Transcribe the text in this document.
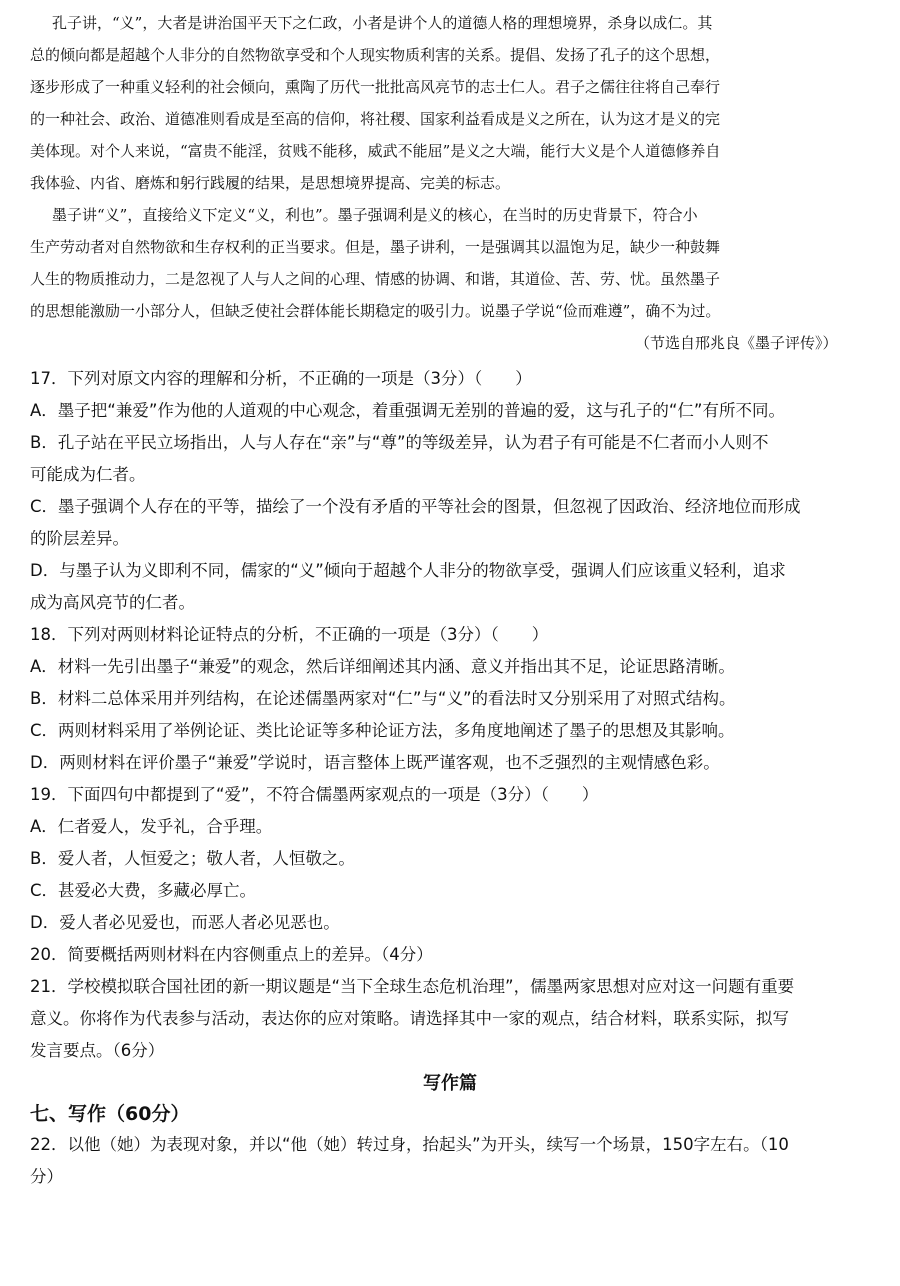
孔子讲，“义”，大者是讲治国平天下之仁政，小者是讲个人的道德人格的理想境界，杀身以成仁。其
总的倾向都是超越个人非分的自然物欲享受和个人现实物质利害的关系。提倡、发扬了孔子的这个思想，
逐步形成了一种重义轻利的社会倾向，熏陶了历代一批批高风亮节的志士仁人。君子之儒往往将自己奉行
的一种社会、政治、道德准则看成是至高的信仰，将社稷、国家利益看成是义之所在，认为这才是义的完
美体现。对个人来说，“富贵不能淫，贫贱不能移，威武不能屈”是义之大端，能行大义是个人道德修养自
我体验、内省、磨炼和躬行践履的结果，是思想境界提高、完美的标志。
墨子讲“义”，直接给义下定义“义，利也”。墨子强调利是义的核心，在当时的历史背景下，符合小
生产劳动者对自然物欲和生存权利的正当要求。但是，墨子讲利，一是强调其以温饱为足，缺少一种鼓舞
人生的物质推动力，二是忽视了人与人之间的心理、情感的协调、和谐，其道俭、苦、劳、忧。虽然墨子
的思想能激励一小部分人，但缺乏使社会群体能长期稳定的吸引力。说墨子学说“俭而难遵”，确不为过。
（节选自邢兆良《墨子评传》）
17．下列对原文内容的理解和分析，不正确的一项是（3分）（　　）
A．墨子把“兼爱”作为他的人道观的中心观念，着重强调无差别的普遍的爱，这与孔子的“仁”有所不同。
B．孔子站在平民立场指出，人与人存在“亲”与“尊”的等级差异，认为君子有可能是不仁者而小人则不
可能成为仁者。
C．墨子强调个人存在的平等，描绘了一个没有矛盾的平等社会的图景，但忽视了因政治、经济地位而形成
的阶层差异。
D．与墨子认为义即利不同，儒家的“义”倾向于超越个人非分的物欲享受，强调人们应该重义轻利，追求
成为高风亮节的仁者。
18．下列对两则材料论证特点的分析，不正确的一项是（3分）（　　）
A．材料一先引出墨子“兼爱”的观念，然后详细阐述其内涵、意义并指出其不足，论证思路清晰。
B．材料二总体采用并列结构，在论述儒墨两家对“仁”与“义”的看法时又分别采用了对照式结构。
C．两则材料采用了举例论证、类比论证等多种论证方法，多角度地阐述了墨子的思想及其影响。
D．两则材料在评价墨子“兼爱”学说时，语言整体上既严谨客观，也不乏强烈的主观情感色彩。
19．下面四句中都提到了“爱”，不符合儒墨两家观点的一项是（3分）（　　）
A．仁者爱人，发乎礼，合乎理。
B．爱人者，人恒爱之；敬人者，人恒敬之。
C．甚爱必大费，多藏必厚亡。
D．爱人者必见爱也，而恶人者必见恶也。
20．简要概括两则材料在内容侧重点上的差异。（4分）
21．学校模拟联合国社团的新一期议题是“当下全球生态危机治理”，儒墨两家思想对应对这一问题有重要
意义。你将作为代表参与活动，表达你的应对策略。请选择其中一家的观点，结合材料，联系实际，拟写
发言要点。（6分）
写作篇
七、写作（60分）
22．以他（她）为表现对象，并以“他（她）转过身，抬起头”为开头，续写一个场景，150字左右。（10
分）
